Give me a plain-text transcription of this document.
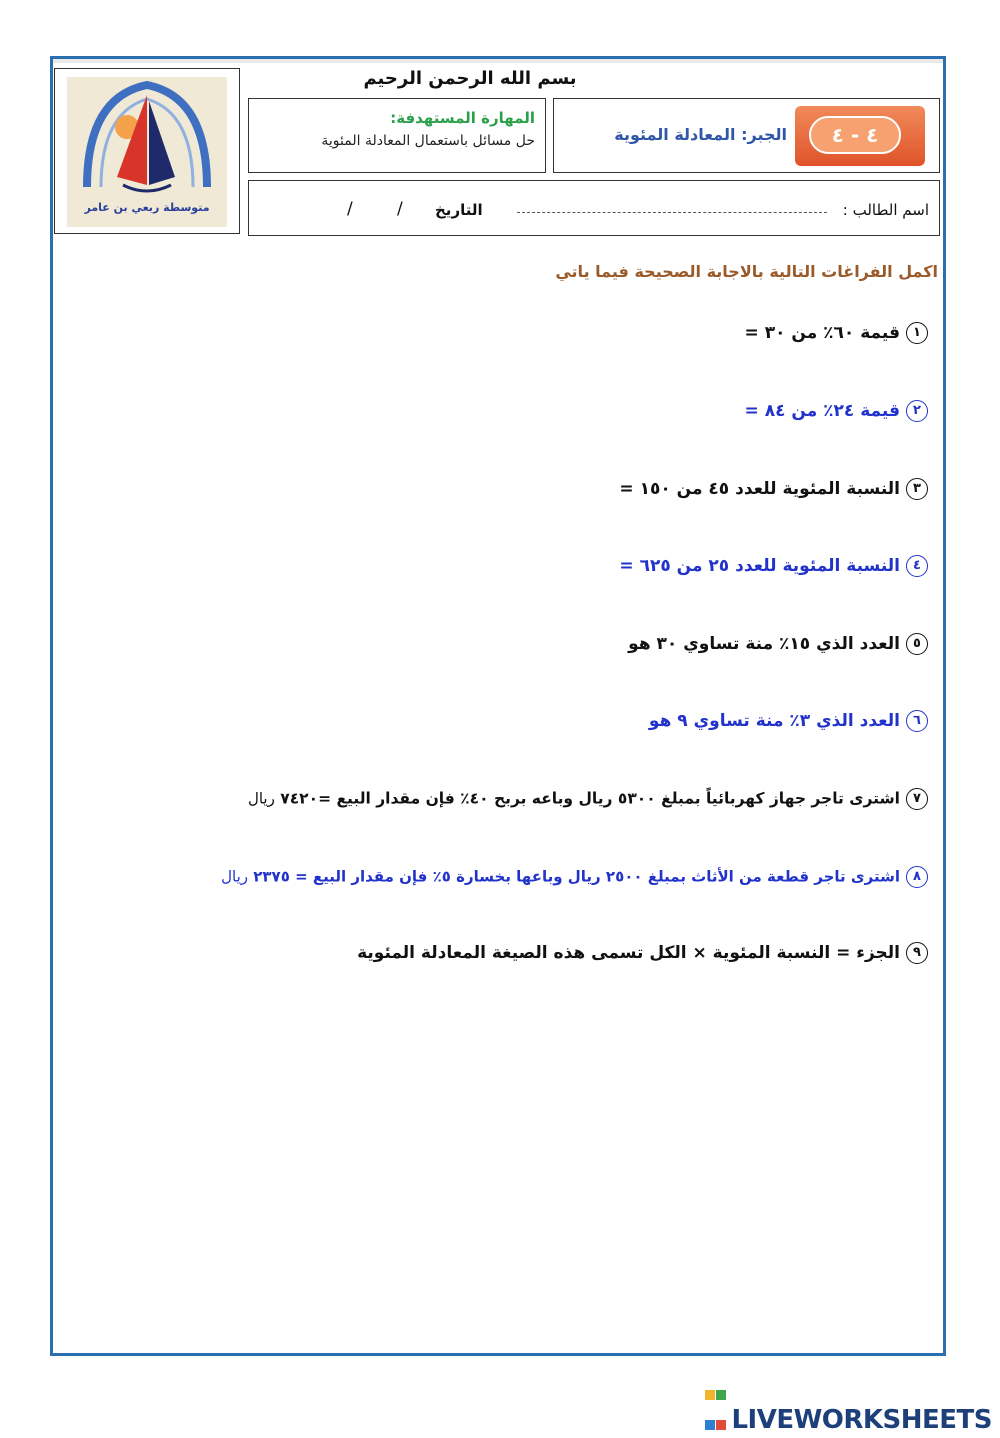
متوسطة ربعي بن عامر
بسم الله الرحمن الرحيم
المهارة المستهدفة:
حل مسائل باستعمال المعادلة المئوية	٤ - ٤
الجبر: المعادلة المئوية
اسم الطالب :
التاريخ
/
/
اكمل الفراغات التالية بالاجابة الصحيحة فيما ياتي
١قيمة ٦٠٪ من ٣٠ =
٢قيمة ٢٤٪ من ٨٤ =
٣النسبة المئوية للعدد ٤٥ من ١٥٠ =
٤النسبة المئوية للعدد ٢٥ من ٦٢٥ =
٥العدد الذي ١٥٪ منة تساوي ٣٠ هو
٦العدد الذي ٣٪ منة تساوي ٩ هو
٧اشترى تاجر جهاز كهربائياً بمبلغ ٥٣٠٠ ريال وباعه بربح ٤٠٪ فإن مقدار البيع =٧٤٢٠ ريال
٨اشترى تاجر قطعة من الأثاث بمبلغ ٢٥٠٠ ريال وباعها بخسارة ٥٪ فإن مقدار البيع = ٢٣٧٥ ريال
٩الجزء = النسبة المئوية × الكل تسمى هذه الصيغة المعادلة المئوية

LIVEWORKSHEETS
